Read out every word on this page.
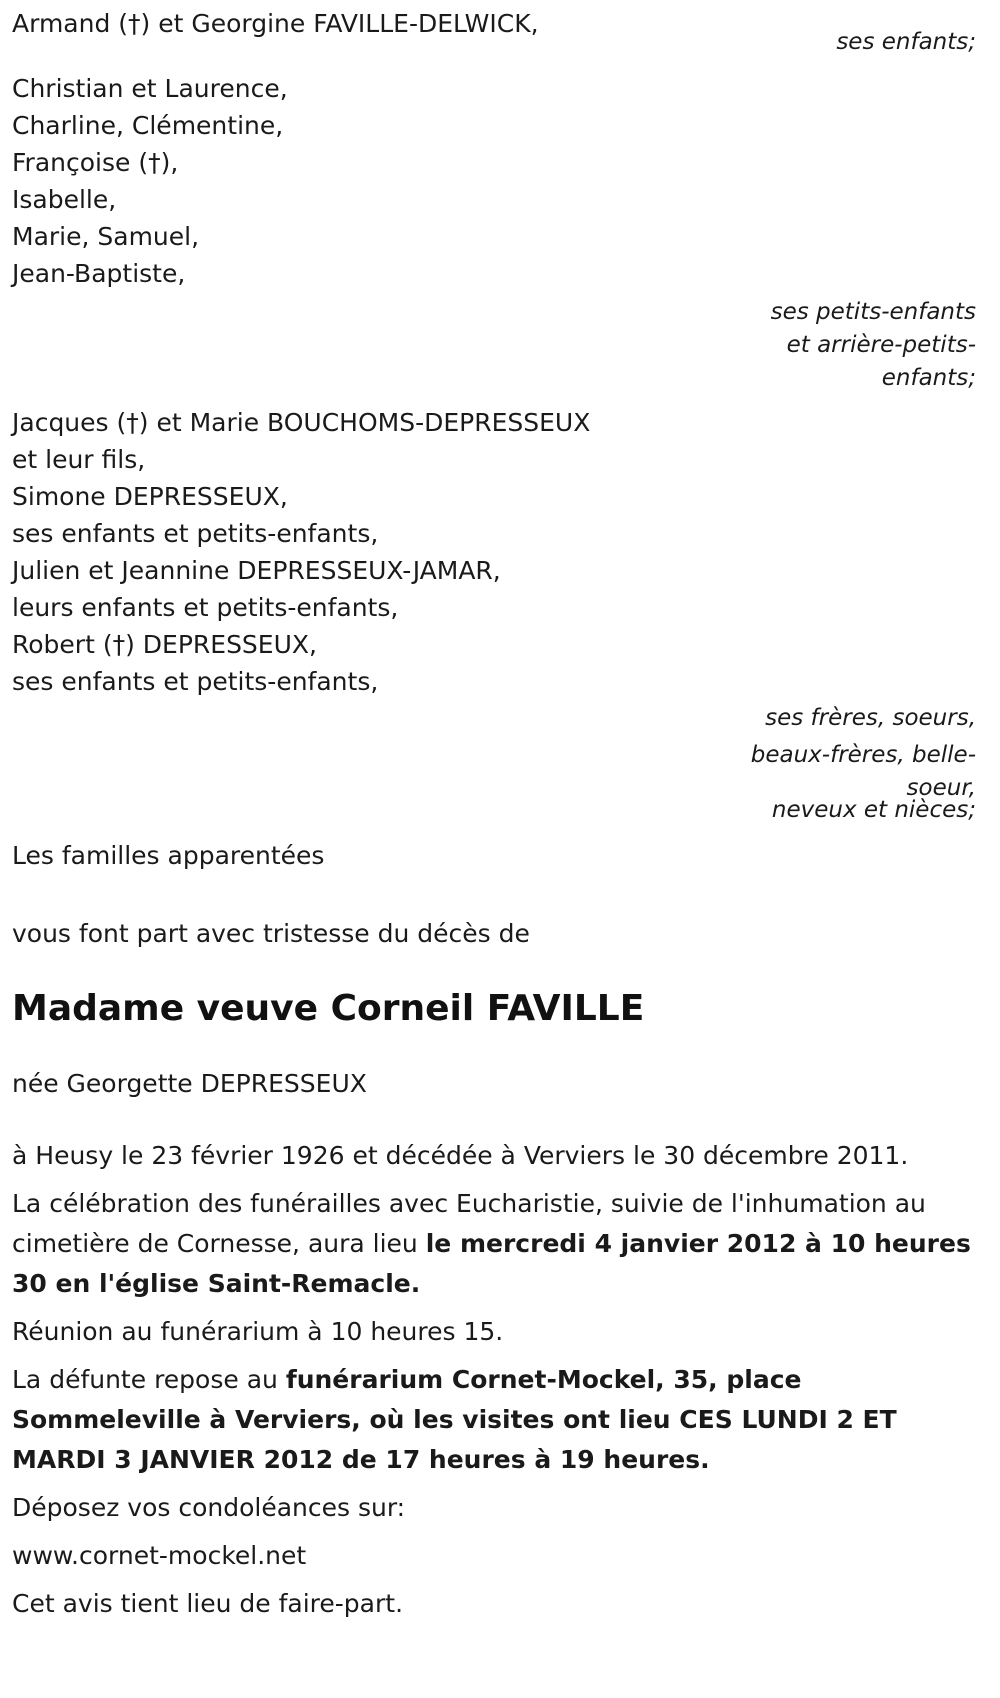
Armand (†) et Georgine FAVILLE-DELWICK,
ses enfants;
Christian et Laurence,
Charline, Clémentine,
Françoise (†),
Isabelle,
Marie, Samuel,
Jean-Baptiste,
ses petits-enfants
et arrière-petits-
enfants;
Jacques (†) et Marie BOUCHOMS-DEPRESSEUX
et leur fils,
Simone DEPRESSEUX,
ses enfants et petits-enfants,
Julien et Jeannine DEPRESSEUX-JAMAR,
leurs enfants et petits-enfants,
Robert (†) DEPRESSEUX,
ses enfants et petits-enfants,
ses frères, soeurs,
beaux-frères, belle-
soeur,
neveux et nièces;
Les familles apparentées
vous font part avec tristesse du décès de
Madame veuve Corneil FAVILLE
née Georgette DEPRESSEUX

à Heusy le 23 février 1926 et décédée à Verviers le 30 décembre 2011.

La célébration des funérailles avec Eucharistie, suivie de l'inhumation au cimetière de Cornesse, aura lieu le mercredi 4 janvier 2012 à 10 heures 30 en l'église Saint-Remacle.

Réunion au funérarium à 10 heures 15.

La défunte repose au funérarium Cornet-Mockel, 35, place Sommeleville à Verviers, où les visites ont lieu CES LUNDI 2 ET MARDI 3 JANVIER 2012 de 17 heures à 19 heures.

Déposez vos condoléances sur:

www.cornet-mockel.net

Cet avis tient lieu de faire-part.
